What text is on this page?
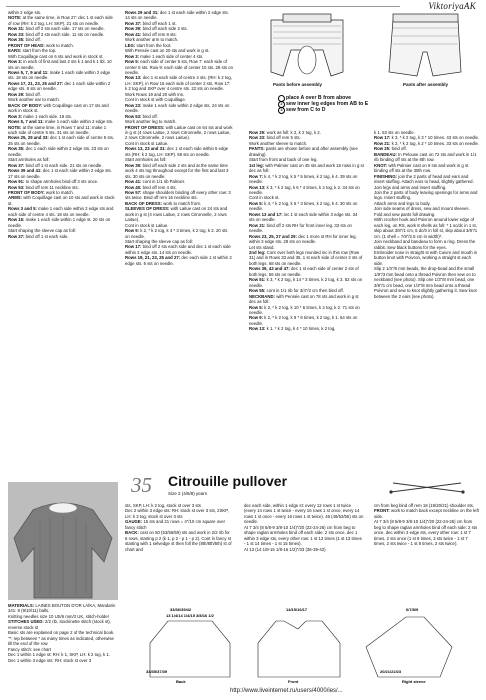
ViktoriyaAK

within 2 edge sts.

NOTE: at the same time, in Row 27: dec 1 st each side of row (RH: k 2 tog, LH: SKP). 21 sts on needle.

Row 31: bind off 2 sts each side. 17 sts on needle.

Row 33: bind off 3 sts each side. 11 sts on needle.

Row 35: bind off.

FRONT OF HEAD: work to match.

EARS: start from the top.

With Coquillage cast on 6 sts and work in stock st.

Row 3: in each of first and last 2 sts k 1 and k 1 tbl. 10 sts on needle.

Rows 5, 7, 9 and 11: make 1 each side within 2 edge sts. 18 sts on needle.

Rows 17, 21, 23, 25 and 27: dec 1 each side within 2 edge sts. 8 sts on needle.

Row 29: bind off.

Work another ear to match.

BACK OF BODY: with Coquillage cast on 17 sts and work in stock st.

Row 3: make 1 each side. 19 sts.

Rows 5, 7 and 11: make 1 each side within 2 edge sts.

NOTE: at the same time, in Rows 7 and 11: make 1 each side of centre 5 sts. 31 sts on needle.

Rows 25, 29 and 33: dec 1 st each side of centre 5 sts. 25 sts on needle.

Row 35: dec 1 each side within 2 edge sts. 23 sts on needle.

Start armholes as foll:

Row 37: bind off 1 st each side. 21 sts on needle.

Rows 39 and 41: dec 1 st each side within 2 edge sts. 17 sts on needle.

Row 91: to shape armholes bind off 3 sts once.

Row 53: bind off rem 11 neckline sts.

FRONT OF BODY: work to match.

ARMS: with Coquillage cast on 10 sts and work in stock st.

Rows 3 and 5: make 1 each side within 2 edge sts and each side of centre 4 sts. 18 sts on needle.

Row 15: make 1 each side within 1 edge st. 20 sts on needle.

Start shaping the sleeve cap as foll:

Row 27: bind off 1 st each side.

Rows 29 and 31: dec 1 st each side within 2 edge sts. 14 sts on needle.

Row 37: bind off each 1 st.

Row 39: bind off each side 2 sts.

Row 41: bind off rem 8 sts.

Work another arm to match.

LEG: start from the foot.

With Pensée cast on 20 sts and work in g st.

Row 3: make 1 each side of center 4 sts.

Row 5: each side of center 6 sts, Row 7: each side of center 8 sts. Row 9: each side of center 10 sts. 28 sts on needle.

Row 13: dec 1 st each side of centre 4 sts. (RH: k 2 tog, LH: SKP), in Row 15 each side of center 2 sts, Row 17: k 2 tog and SKP over 4 centre sts. 22 sts on needle.

Work Rows 19 and 20 with Ins.

Cont in stock st with Coquillage.

Row 23: make 1 each side within 2 edge sts. 24 sts on needle.

Row 53: bind off.

Work another leg to match.

FRONT OF DRESS: with Laitue cast on 64 sts and work in g st (4 rows Laitue, 2 rows Citronnelle, 2 rows Laitue, 2 rows Citronnelle, 2 rows Laitue).

Cont in stock st Laitue.

Rows 13, 23 and 31: dec 1 st each side within 5 edge sts (RH: k 2 tog, LH: SKP). 58 sts on needle.

Start armholes as foll:

Row 39: bind off each side 2 sts and at the same time work 4 sts tog throughout except for the first and last 3 sts. 30 sts on needle.

Row 41: cont in 1/1 rib Palmier.

Row 45: bind off rem 4 sts.

Row 57: shape shoulders binding off every other row: 3 sts twice. Bind off rem 16 neckline sts.

BACK OF DRESS: work to match front.

SLEEVES OF DRESS: with Laitue cast on 24 sts and work in g st (4 rows Laitue, 2 rows Citronnelle, 2 rows Laitue).

Cont in stock st Laitue.

Row 9: k 2, * k 2 tog, k 4 * 3 times, k 2 tog, k 2. 20 sts on needle.

Start shaping the sleeve cap as foll:

Row 17: bind off 2 sts each side and dec 1 st each side within 2 edge sts. 14 sts on needle.

Rows 19, 21, 23, 25 and 27: dec each side 1 st within 2 edge sts. 6 sts on needle.

Pants before assembly	Pants after assembly
place A over B from above
2 sew inner leg edges from AB to E
3 sew from C to D

Row 29: work as foll: k 2, k 2 tog, k 2.

Row 33: bind off rem 5 sts.

Work another sleeve to match.

PANTS: pants are shown before and after assembly (see drawing).

Start from front and back of one leg.

1st leg: with Palmier cast on 45 sts and work 18 rows in g st dec as foll:

Row 7: k 4, * k 2 tog, k 5 * 5 times, k 2 tog, k 4. 39 sts on needle.

Row 13: k 3, * k 2 tog, k 6 * 4 times, k 2 tog, k 2. 34 sts on needle.

Cont in stock st.

Row 5: k 4, * k 2 tog, k 6 * 3 times, k 2 tog, k 4. 30 sts on needle.

Rows 13 and 17: inc 1 st each side within 3 edge sts. 34 sts on needle.

Row 21: bind off 2 sts RH for front inner leg. 32 sts on needle.

Rows 23, 25, 27 and 29: dec 1 more st RH for inner leg, within 3 edge sts. 28 sts on needle.

Let sts stand.

2nd leg: Cont over both legs reunited inc in this row (Row 31) and in Rows 33 and 35. 1 st each side of center 2 sts of both legs. 68 sts on needle.

Rows 39, 43 and 47: dec 1 st each side of center 2 sts of both legs. 56 sts on needle.

Row 51: k 3, * k 2 tog, k 14 * 3 times, k 2 tog, k 3. 52 sts on needle.

Row 55: cont in 1/1 rib for 3/4"/2 cm then bind off.

NECKBAND: with Pensée cast on 78 sts and work in g st dec as foll:

Row 5: k 2, * k 2 tog, k 10 * 6 times, k 2 tog, k 2. 71 sts on needle.

Row 9: k 2, * k 2 tog, k 9 * 6 times, k 2 tog, k 1. 64 sts on needle.

Row 13: k 1, * k 2 tog, k 4 * 10 times, k 2 tog,

k 1. 53 sts on needle.

Row 17: k 3, * k 2 tog, k 3 * 10 times. 43 sts on needle.

Row 21: k 2, * k 2 tog, k 2 * 10 times. 33 sts on needle.

Row 25: bind off.

BANDEAU: In Pelouse cast on 72 sts and work in 1/1 rib binding off sts at the 8th row.

KNOT: with Palmier cast on 9 sts and work in g st binding off sts at the 30th row.

FINISHING: join the 2 parts of head and ears and insert stuffing. Attach ears to head, slightly gathered.

Join legs and arms and insert stuffing.

Join the 2 parts of body leaving openings for arms and legs. Insert stuffing.

Attach arms and legs to body.

Join side seams of dress, sew and mount sleeves.

Fold and sew pants foll drawing.

With crochet hook and Poivron around lower edge of each leg, on RS, work 8 shells as foll: * 1 sc/dc in 1 st, skip about 3/8"/1 cm, 6 dc/tr in foll st, skip about 3/8"/1 cm. (1 shell = 7/8"/2.5 cm in width)*.

Join neckband and bandeau to form a ring. Dress the rabbit. Sew black buttons for the eyes.

Embroider nose in straight st with Cuivre and mouth in button knot with Poivron, working a straight st each side.

Slip 2 1/3"/6 mm beads, the drop-bead and the small 1/8"/3 mm bead onto a thread Poivron then sew on to neckband (see photo). Slip one 1/3"/8 mm bead, one 3/8"/1 cm bead, one 1/3"/8 mm bead onto a thread Poivron and sew to knot slightly gathering it. Sew knot between the 2 ears (see photo).

35 Citrouille pullover
Size 2 (4/6/8) years

sts, SKP, LH: k 2 tog, stock st over 3 sts

Dec 2 within 3 edge sts: RH: stock st over 3 sts, 2SKP, LH: k 3 tog, stock st over 3 sts

GAUGE: 15 sts and 21 rows = 4"/10 cm square over fancy stitch

BACK: cast on 50 (53/56/59) sts and work in 2/2 rib for 6 rows, starting p 2 (k 1, p 2 - p 1 - p 2). Cont in fancy st starting with 1 selvedge st then foll the (8th/8th/5th) st of chart and

dec each side, within 1 edge st: every 12 rows 1 st twice (every 14 rows 1 st twice - every 16 rows 1 st once, every 14 rows 1 st once - every 16 rows 1 st twice). 46 (49/52/55) sts on needle.

At 7 3/4 (8 5/8-9 3/8-10 1/4)"/20 (22-24-26) cm from beg to shape raglan armholes bind off each side: 2 sts once, dec 1 within 3 edge sts, every other row: 1 st 12 times (1 st 13 times - 1 st 14 times - 1 st 15 times).

At 13 (14 1/8-15 1/8-16 1/2)"/33 (36-39-42)

cm from beg bind off rem 18 (19/20/21) shoulder sts.

FRONT: work to match back except neckline on the left side.

At 7 3/4 (8 5/8-9 3/8-10 1/4)"/20 (22-24-26) cm from beg to shape raglan armholes bind off each side: 2 sts once, dec within 3 edge sts, every other row: 1 st 7 times, 2 sts once (1 st 8 times, 2 sts twice - 1 st 7 times, 2 sts twice - 1 st 8 times, 2 sts twice).

MATERIALS: LAINES BOUTON D'OR LAÏKA, Mandarin 341: 8 (9/10/11) balls.

Knitting needles size 10 US/6 mm/3 UK, stitch-holder

STITCHES USED: 2/2 rib, stockinette stitch (stock st), reverse stock st

Basic sts are explained on page 2 of the technical book.

"*: rep between * as many times as indicated, otherwise till the end of the row

Fancy stitch: see chart

Dec 1 within 1 edge st: RH: k 1, SKP, LH: k 2 tog, k 1.

Dec 1 within 3 edge sts: RH: stock st over 3

Back	Front	Right sleeve
33/36/39/42
13 1/4/14 1/4/15 3/8/16 1/2
33/35/37/39
14/15/16/17	6/7/8/9
20/21/22/23
http://www.liveinternet.ru/users/4000/ies/...
